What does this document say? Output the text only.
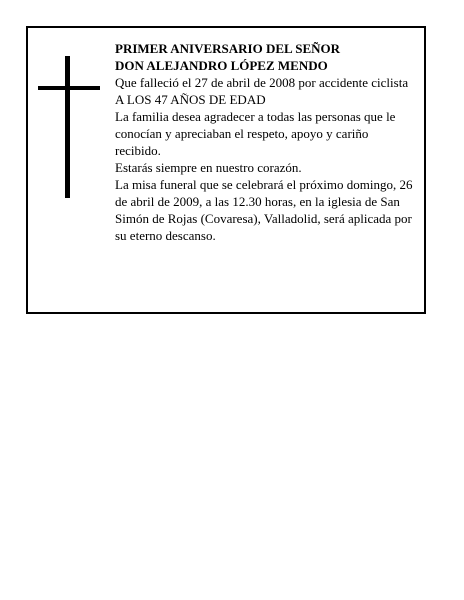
PRIMER ANIVERSARIO DEL SEÑOR

DON ALEJANDRO LÓPEZ MENDO

Que falleció el 27 de abril de 2008 por accidente ciclista

A LOS 47 AÑOS DE EDAD

La familia desea agradecer a todas las personas que le conocían y apreciaban el respeto, apoyo y cariño recibido.

Estarás siempre en nuestro corazón.

La misa funeral que se celebrará el próximo domingo, 26 de abril de 2009, a las 12.30 horas, en la iglesia de San Simón de Rojas (Covaresa), Valladolid, será aplicada por su eterno descanso.
